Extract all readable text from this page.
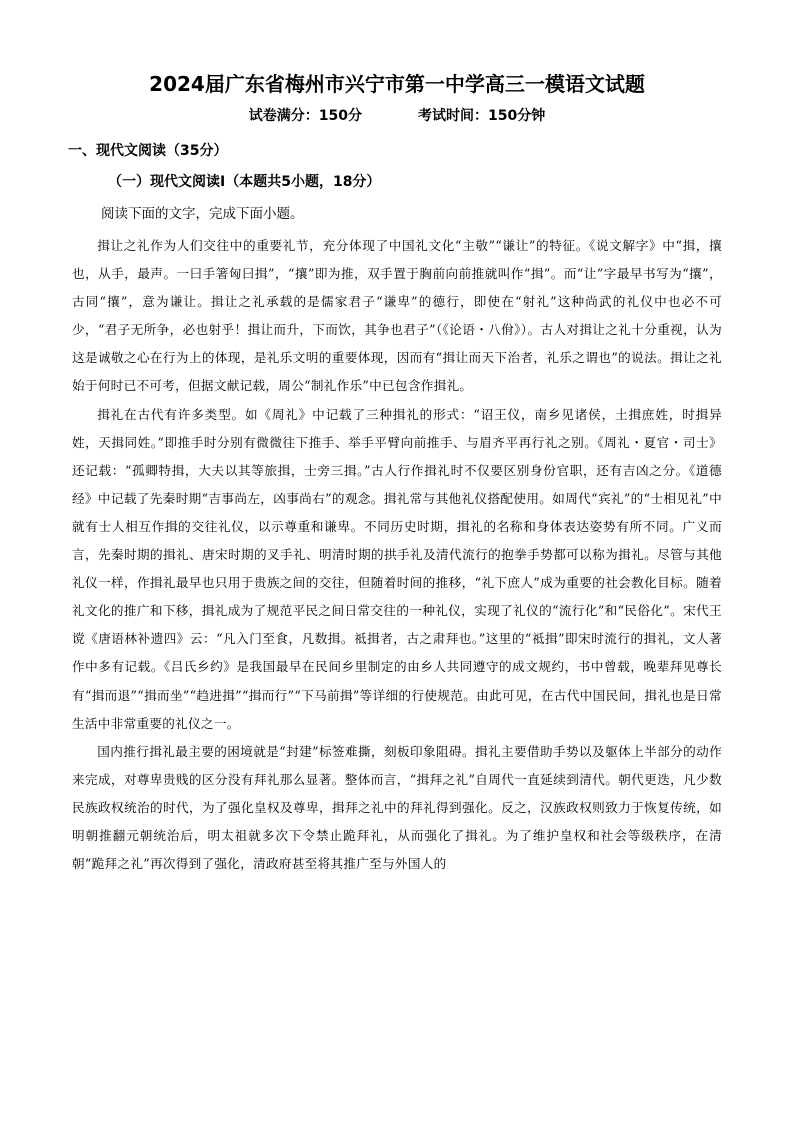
2024届广东省梅州市兴宁市第一中学高三一模语文试题
试卷满分：150分	考试时间：150分钟
一、现代文阅读（35分）
（一）现代文阅读Ⅰ（本题共5小题，18分）

阅读下面的文字，完成下面小题。

揖让之礼作为人们交往中的重要礼节，充分体现了中国礼文化“主敬”“谦让”的特征。《说文解字》中“揖，攘也，从手，最声。一曰手箸匈曰揖”，“攘”即为推，双手置于胸前向前推就叫作“揖”。而“让”字最早书写为“攘”，古同“攘”，意为谦让。揖让之礼承载的是儒家君子“谦卑”的德行，即使在“射礼”这种尚武的礼仪中也必不可少，“君子无所争，必也射乎！揖让而升，下而饮，其争也君子”（《论语・八佾》）。古人对揖让之礼十分重视，认为这是诚敬之心在行为上的体现，是礼乐文明的重要体现，因而有“揖让而天下治者，礼乐之谓也”的说法。揖让之礼始于何时已不可考，但据文献记载，周公“制礼作乐”中已包含作揖礼。

揖礼在古代有许多类型。如《周礼》中记载了三种揖礼的形式：“诏王仪，南乡见诸侯，土揖庶姓，时揖异姓，天揖同姓。”即推手时分别有微微往下推手、举手平臂向前推手、与眉齐平再行礼之别。《周礼・夏官・司士》还记载：“孤卿特揖，大夫以其等旅揖，士旁三揖。”古人行作揖礼时不仅要区别身份官职，还有吉凶之分。《道德经》中记载了先秦时期“吉事尚左，凶事尚右”的观念。揖礼常与其他礼仪搭配使用。如周代“宾礼”的“士相见礼”中就有士人相互作揖的交往礼仪，以示尊重和谦卑。不同历史时期，揖礼的名称和身体表达姿势有所不同。广义而言，先秦时期的揖礼、唐宋时期的叉手礼、明清时期的拱手礼及清代流行的抱拳手势都可以称为揖礼。尽管与其他礼仪一样，作揖礼最早也只用于贵族之间的交往，但随着时间的推移，“礼下庶人”成为重要的社会教化目标。随着礼文化的推广和下移，揖礼成为了规范平民之间日常交往的一种礼仪，实现了礼仪的“流行化”和“民俗化”。宋代王谠《唐语林补遗四》云：“凡入门至食，凡数揖。祗揖者，古之肃拜也。”这里的“祗揖”即宋时流行的揖礼，文人著作中多有记载。《吕氏乡约》是我国最早在民间乡里制定的由乡人共同遵守的成文规约，书中曾载，晚辈拜见尊长有“揖而退”“揖而坐”“趋进揖”“揖而行”“下马前揖”等详细的行使规范。由此可见，在古代中国民间，揖礼也是日常生活中非常重要的礼仪之一。

国内推行揖礼最主要的困境就是“封建”标签难撕，刻板印象阻碍。揖礼主要借助手势以及躯体上半部分的动作来完成，对尊卑贵贱的区分没有拜礼那么显著。整体而言，“揖拜之礼”自周代一直延续到清代。朝代更迭，凡少数民族政权统治的时代，为了强化皇权及尊卑，揖拜之礼中的拜礼得到强化。反之，汉族政权则致力于恢复传统，如明朝推翻元朝统治后，明太祖就多次下令禁止跪拜礼，从而强化了揖礼。为了维护皇权和社会等级秩序，在清朝“跪拜之礼”再次得到了强化，清政府甚至将其推广至与外国人的
